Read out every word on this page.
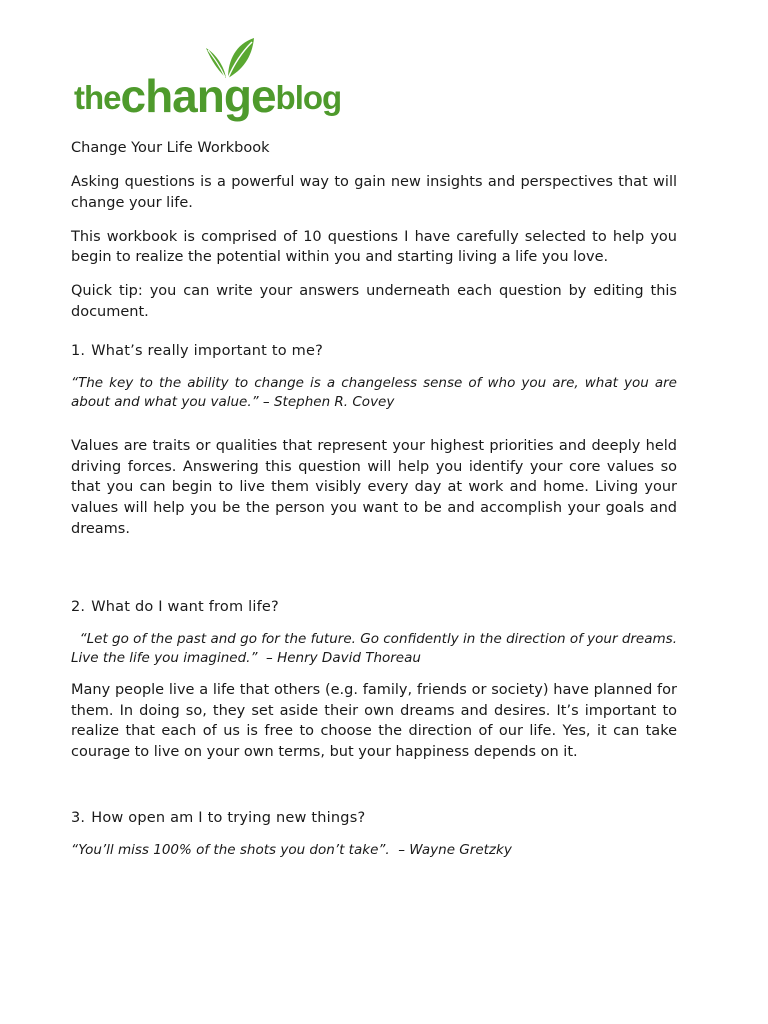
thechangeblog
Change Your Life Workbook

Asking questions is a powerful way to gain new insights and perspectives that will change your life.

This workbook is comprised of 10 questions I have carefully selected to help you begin to realize the potential within you and starting living a life you love.

Quick tip: you can write your answers underneath each question by editing this document.

1. What’s really important to me?

“The key to the ability to change is a changeless sense of who you are, what you are about and what you value.” – Stephen R. Covey

Values are traits or qualities that represent your highest priorities and deeply held driving forces. Answering this question will help you identify your core values so that you can begin to live them visibly every day at work and home. Living your values will help you be the person you want to be and accomplish your goals and dreams.

2. What do I want from life?

“Let go of the past and go for the future. Go confidently in the direction of your dreams. Live the life you imagined.”  – Henry David Thoreau

Many people live a life that others (e.g. family, friends or society) have planned for them. In doing so, they set aside their own dreams and desires. It’s important to realize that each of us is free to choose the direction of our life. Yes, it can take courage to live on your own terms, but your happiness depends on it.

3. How open am I to trying new things?

“You’ll miss 100% of the shots you don’t take”.  – Wayne Gretzky
